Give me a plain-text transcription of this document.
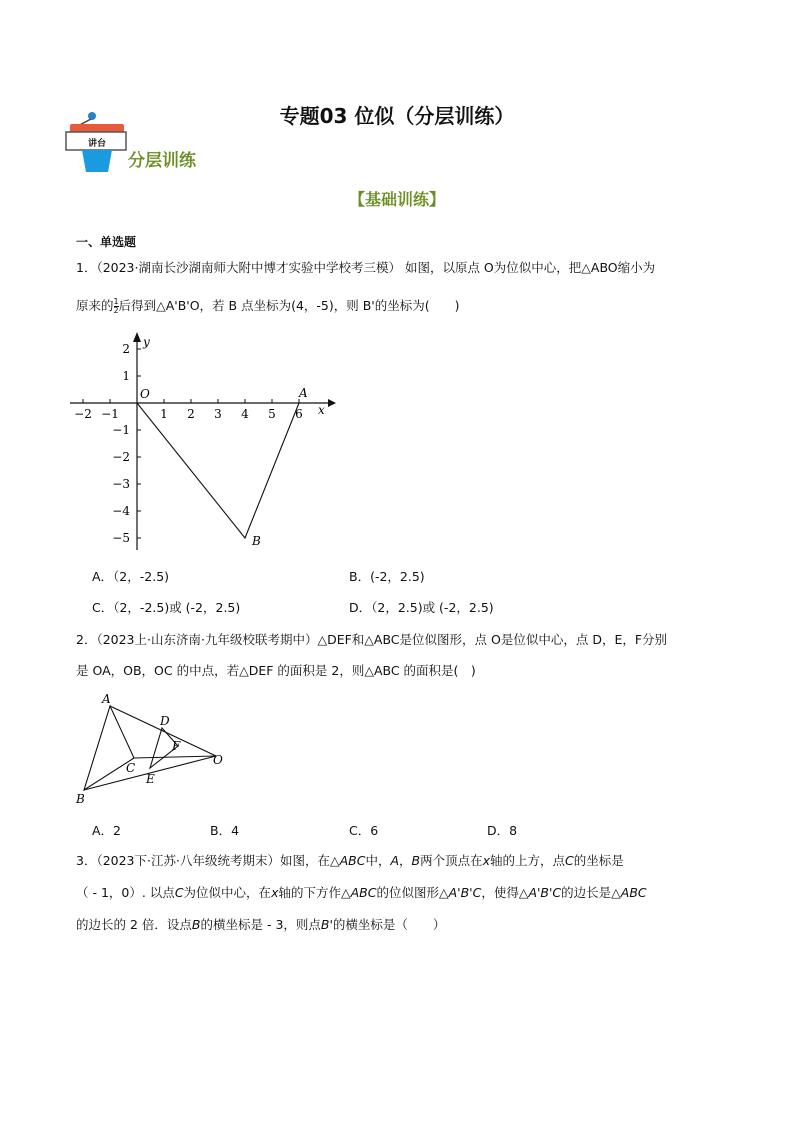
专题03 位似（分层训练）
讲台
分层训练
【基础训练】
一、单选题
1．（2023·湖南长沙湖南师大附中博才实验中学校考三模） 如图，以原点 O为位似中心，把△ABO缩小为
原来的 $\frac{1}{2}$ 后得到△A'B'O，若 B 点坐标为(4，-5)，则 B'的坐标为(　　)
−2 −1	1 2 3 4 5 6
2
1
−1
−2
−3
−4
−5
x
y
O	A
B
A．（2，-2.5)	B．(-2，2.5)
C．（2，-2.5)或 (-2，2.5)	D．（2，2.5)或 (-2，2.5)
2．（2023上·山东济南·九年级校联考期中）△DEF和△ABC是位似图形，点 O是位似中心，点 D，E，F分别
是 OA，OB，OC 的中点，若△DEF 的面积是 2，则△ABC 的面积是(　)
A
B
C
D
E
F
O
A．2	B．4	C．6	D．8
3．（2023下·江苏·八年级统考期末）如图，在△ABC中，A，B两个顶点在x轴的上方，点C的坐标是
（ - 1，0）. 以点C为位似中心，在x轴的下方作△ABC的位似图形△A'B'C，使得△A'B'C的边长是△ABC
的边长的 2 倍．设点B的横坐标是 - 3，则点B'的横坐标是（　　）
